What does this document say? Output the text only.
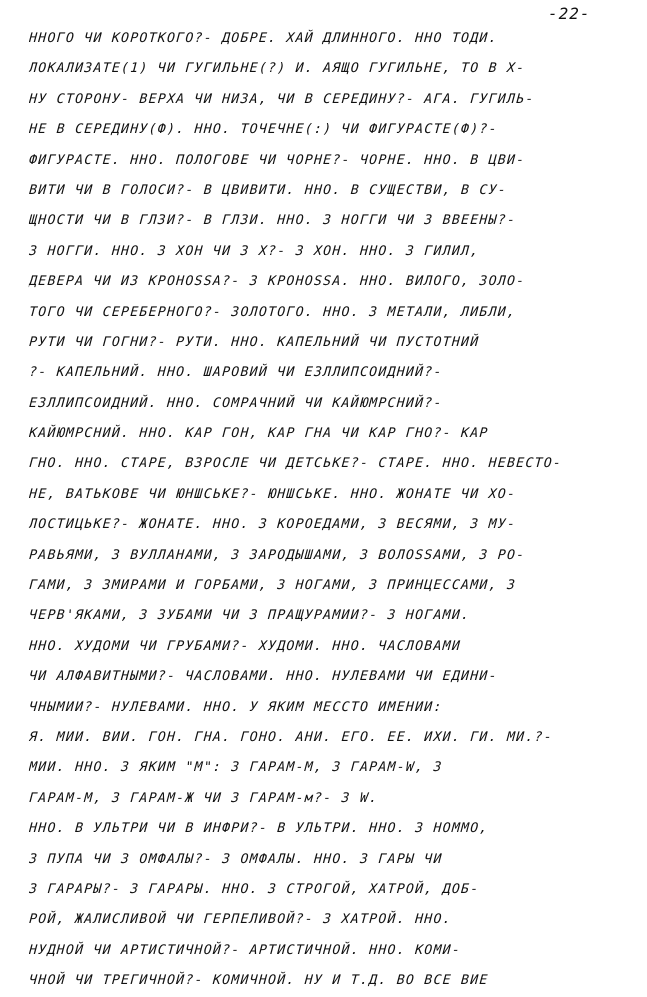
-22-
ННОГО ЧИ КОРОТКОГО?- ДОБРЕ. ХАЙ ДЛИННОГО. ННО ТОДИ.
ЛОКАЛИЗАТЕ(1) ЧИ ГУГИЛЬНЕ(?) И. АЯЩО ГУГИЛЬНЕ, ТО В Х-
НУ СТОРОНУ- ВЕРХА ЧИ НИЗА, ЧИ В СЕРЕДИНУ?- АГА. ГУГИЛЬ-
НЕ В СЕРЕДИНУ(Ф). ННО. ТОЧЕЧНЕ(:) ЧИ ФИГУРАСТЕ(Ф)?-
ФИГУРАСТЕ. ННО. ПОЛОГОВЕ ЧИ ЧОРНЕ?- ЧОРНЕ. ННО. В ЦВИ-
ВИТИ ЧИ В ГОЛОСИ?- В ЦВИВИТИ. ННО. В СУЩЕСТВИ, В СУ-
ЩНОСТИ ЧИ В ГЛЗИ?- В ГЛЗИ. ННО. З НОГГИ ЧИ З ВВЕЕНЫ?-
З НОГГИ. ННО. З ХОН ЧИ З Х?- З ХОН. ННО. З ГИЛИЛ,
ДЕВЕРА ЧИ ИЗ КРОНОSSА?- З КРОНОSSА. ННО. ВИЛОГО, ЗОЛО-
ТОГО ЧИ СЕРЕБЕРНОГО?- ЗОЛОТОГО. ННО. З МЕТАЛИ, ЛИБЛИ,
РУТИ ЧИ ГОГНИ?- РУТИ. ННО. КАПЕЛЬНИЙ ЧИ ПУСТОТНИЙ
?- КАПЕЛЬНИЙ. ННО. ШАРОВИЙ ЧИ ЕЗЛЛИПСОИДНИЙ?-
ЕЗЛЛИПСОИДНИЙ. ННО. СОМРАЧНИЙ ЧИ КАЙЮМРСНИЙ?-
КАЙЮМРСНИЙ. ННО. КАР ГОН, КАР ГНА ЧИ КАР ГНО?- КАР
ГНО. ННО. СТАРЕ, ВЗРОСЛЕ ЧИ ДЕТСЬКЕ?- СТАРЕ. ННО. НЕВЕСТО-
НЕ, ВАТЬКОВЕ ЧИ ЮНШСЬКЕ?- ЮНШСЬКЕ. ННО. ЖОНАТЕ ЧИ ХО-
ЛОСТИЦЬКЕ?- ЖОНАТЕ. ННО. З КОРОЕДАМИ, З ВЕСЯМИ, З МУ-
РАВЬЯМИ, З ВУЛЛАНАМИ, З ЗАРОДЫШАМИ, З ВОЛОSSАМИ, З РО-
ГАМИ, З ЗМИРАМИ И ГОРБАМИ, З НОГАМИ, З ПРИНЦЕССАМИ, З
ЧЕРВ'ЯКАМИ, З ЗУБАМИ ЧИ З ПРАЩУРАМИИ?- З НОГАМИ.
ННО. ХУДОМИ ЧИ ГРУБАМИ?- ХУДОМИ. ННО. ЧАСЛОВАМИ
ЧИ АЛФАВИТНЫМИ?- ЧАСЛОВАМИ. ННО. НУЛЕВАМИ ЧИ ЕДИНИ-
ЧНЫМИИ?- НУЛЕВАМИ. ННО. У ЯКИМ МЕССТО ИМЕНИИ:
Я. МИИ. ВИИ. ГОН. ГНА. ГОНО. АНИ. ЕГО. ЕЕ. ИХИ. ГИ. МИ.?-
МИИ. ННО. З ЯКИМ "М": З ГАРАМ-М, З ГАРАМ-W, З
ГАРАМ-М, З ГАРАМ-Ж ЧИ З ГАРАМ-м?- З W.
ННО. В УЛЬТРИ ЧИ В ИНФРИ?- В УЛЬТРИ. ННО. З НОММО,
З ПУПА ЧИ З ОМФАЛЫ?- З ОМФАЛЫ. ННО. З ГАРЫ ЧИ
З ГАРАРЫ?- З ГАРАРЫ. ННО. З СТРОГОЙ, ХАТРОЙ, ДОБ-
РОЙ, ЖАЛИСЛИВОЙ ЧИ ГЕРПЕЛИВОЙ?- З ХАТРОЙ. ННО.
НУДНОЙ ЧИ АРТИСТИЧНОЙ?- АРТИСТИЧНОЙ. ННО. КОМИ-
ЧНОЙ ЧИ ТРЕГИЧНОЙ?- КОМИЧНОЙ. НУ И Т.Д. ВО ВСЕ ВИЕ
